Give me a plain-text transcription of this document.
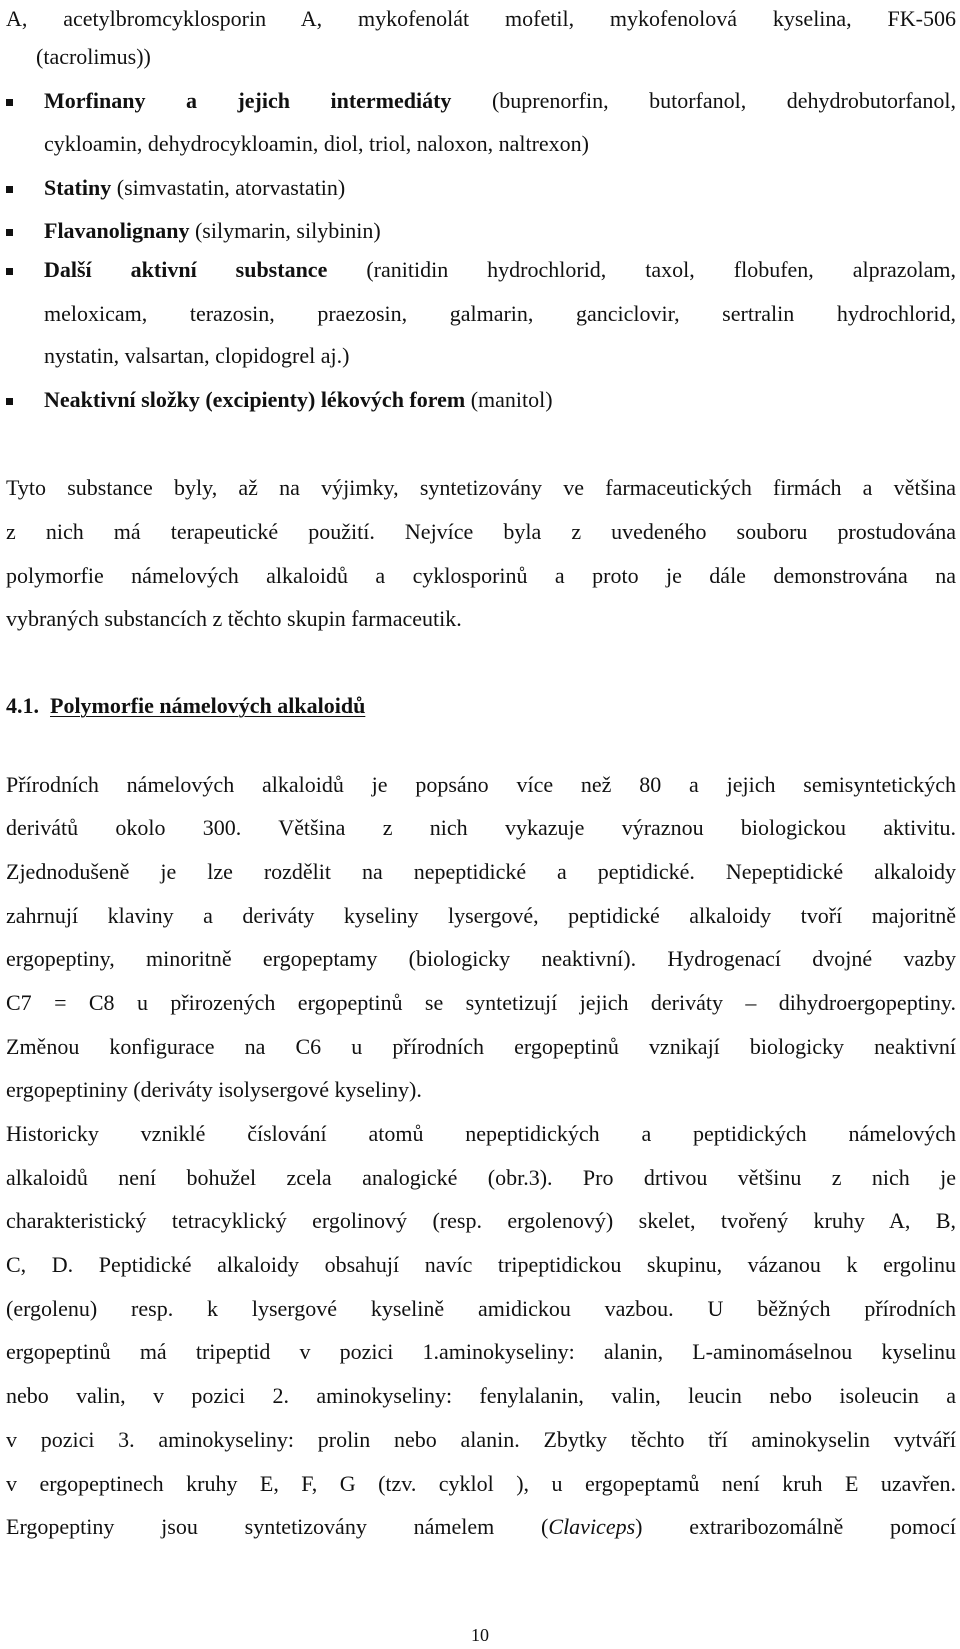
A, acetylbromcyklosporin A, mykofenolát mofetil, mykofenolová kyselina, FK-506
(tacrolimus))
Morfinany a jejich intermediáty (buprenorfin, butorfanol, dehydrobutorfanol,
cykloamin, dehydrocykloamin, diol, triol, naloxon, naltrexon)
Statiny (simvastatin, atorvastatin)
Flavanolignany (silymarin, silybinin)
Další aktivní substance (ranitidin hydrochlorid, taxol, flobufen, alprazolam,
meloxicam, terazosin, praezosin, galmarin, ganciclovir, sertralin hydrochlorid,
nystatin, valsartan, clopidogrel aj.)
Neaktivní složky (excipienty) lékových forem (manitol)
Tyto substance byly, až na výjimky, syntetizovány ve farmaceutických firmách a většina
z nich má terapeutické použití. Nejvíce byla z uvedeného souboru prostudována
polymorfie námelových alkaloidů a cyklosporinů a proto je dále demonstrována na
vybraných substancích z těchto skupin farmaceutik.
4.1. Polymorfie námelových alkaloidů
Přírodních námelových alkaloidů je popsáno více než 80 a jejich semisyntetických
derivátů okolo 300. Většina z nich vykazuje výraznou biologickou aktivitu.
Zjednodušeně je lze rozdělit na nepeptidické a peptidické. Nepeptidické alkaloidy
zahrnují klaviny a deriváty kyseliny lysergové, peptidické alkaloidy tvoří majoritně
ergopeptiny, minoritně ergopeptamy (biologicky neaktivní). Hydrogenací dvojné vazby
C7 = C8 u přirozených ergopeptinů se syntetizují jejich deriváty – dihydroergopeptiny.
Změnou konfigurace na C6 u přírodních ergopeptinů vznikají biologicky neaktivní
ergopeptininy (deriváty isolysergové kyseliny).
Historicky vzniklé číslování atomů nepeptidických a peptidických námelových
alkaloidů není bohužel zcela analogické (obr.3). Pro drtivou většinu z nich je
charakteristický tetracyklický ergolinový (resp. ergolenový) skelet, tvořený kruhy A, B,
C, D. Peptidické alkaloidy obsahují navíc tripeptidickou skupinu, vázanou k ergolinu
(ergolenu) resp. k lysergové kyselině amidickou vazbou. U běžných přírodních
ergopeptinů má tripeptid v pozici 1.aminokyseliny: alanin, L-aminomáselnou kyselinu
nebo valin, v pozici 2. aminokyseliny: fenylalanin, valin, leucin nebo isoleucin a
v pozici 3. aminokyseliny: prolin nebo alanin. Zbytky těchto tří aminokyselin vytváří
v ergopeptinech kruhy E, F, G (tzv. cyklol ), u ergopeptamů není kruh E uzavřen.
Ergopeptiny jsou syntetizovány námelem (Claviceps) extraribozomálně pomocí
10
